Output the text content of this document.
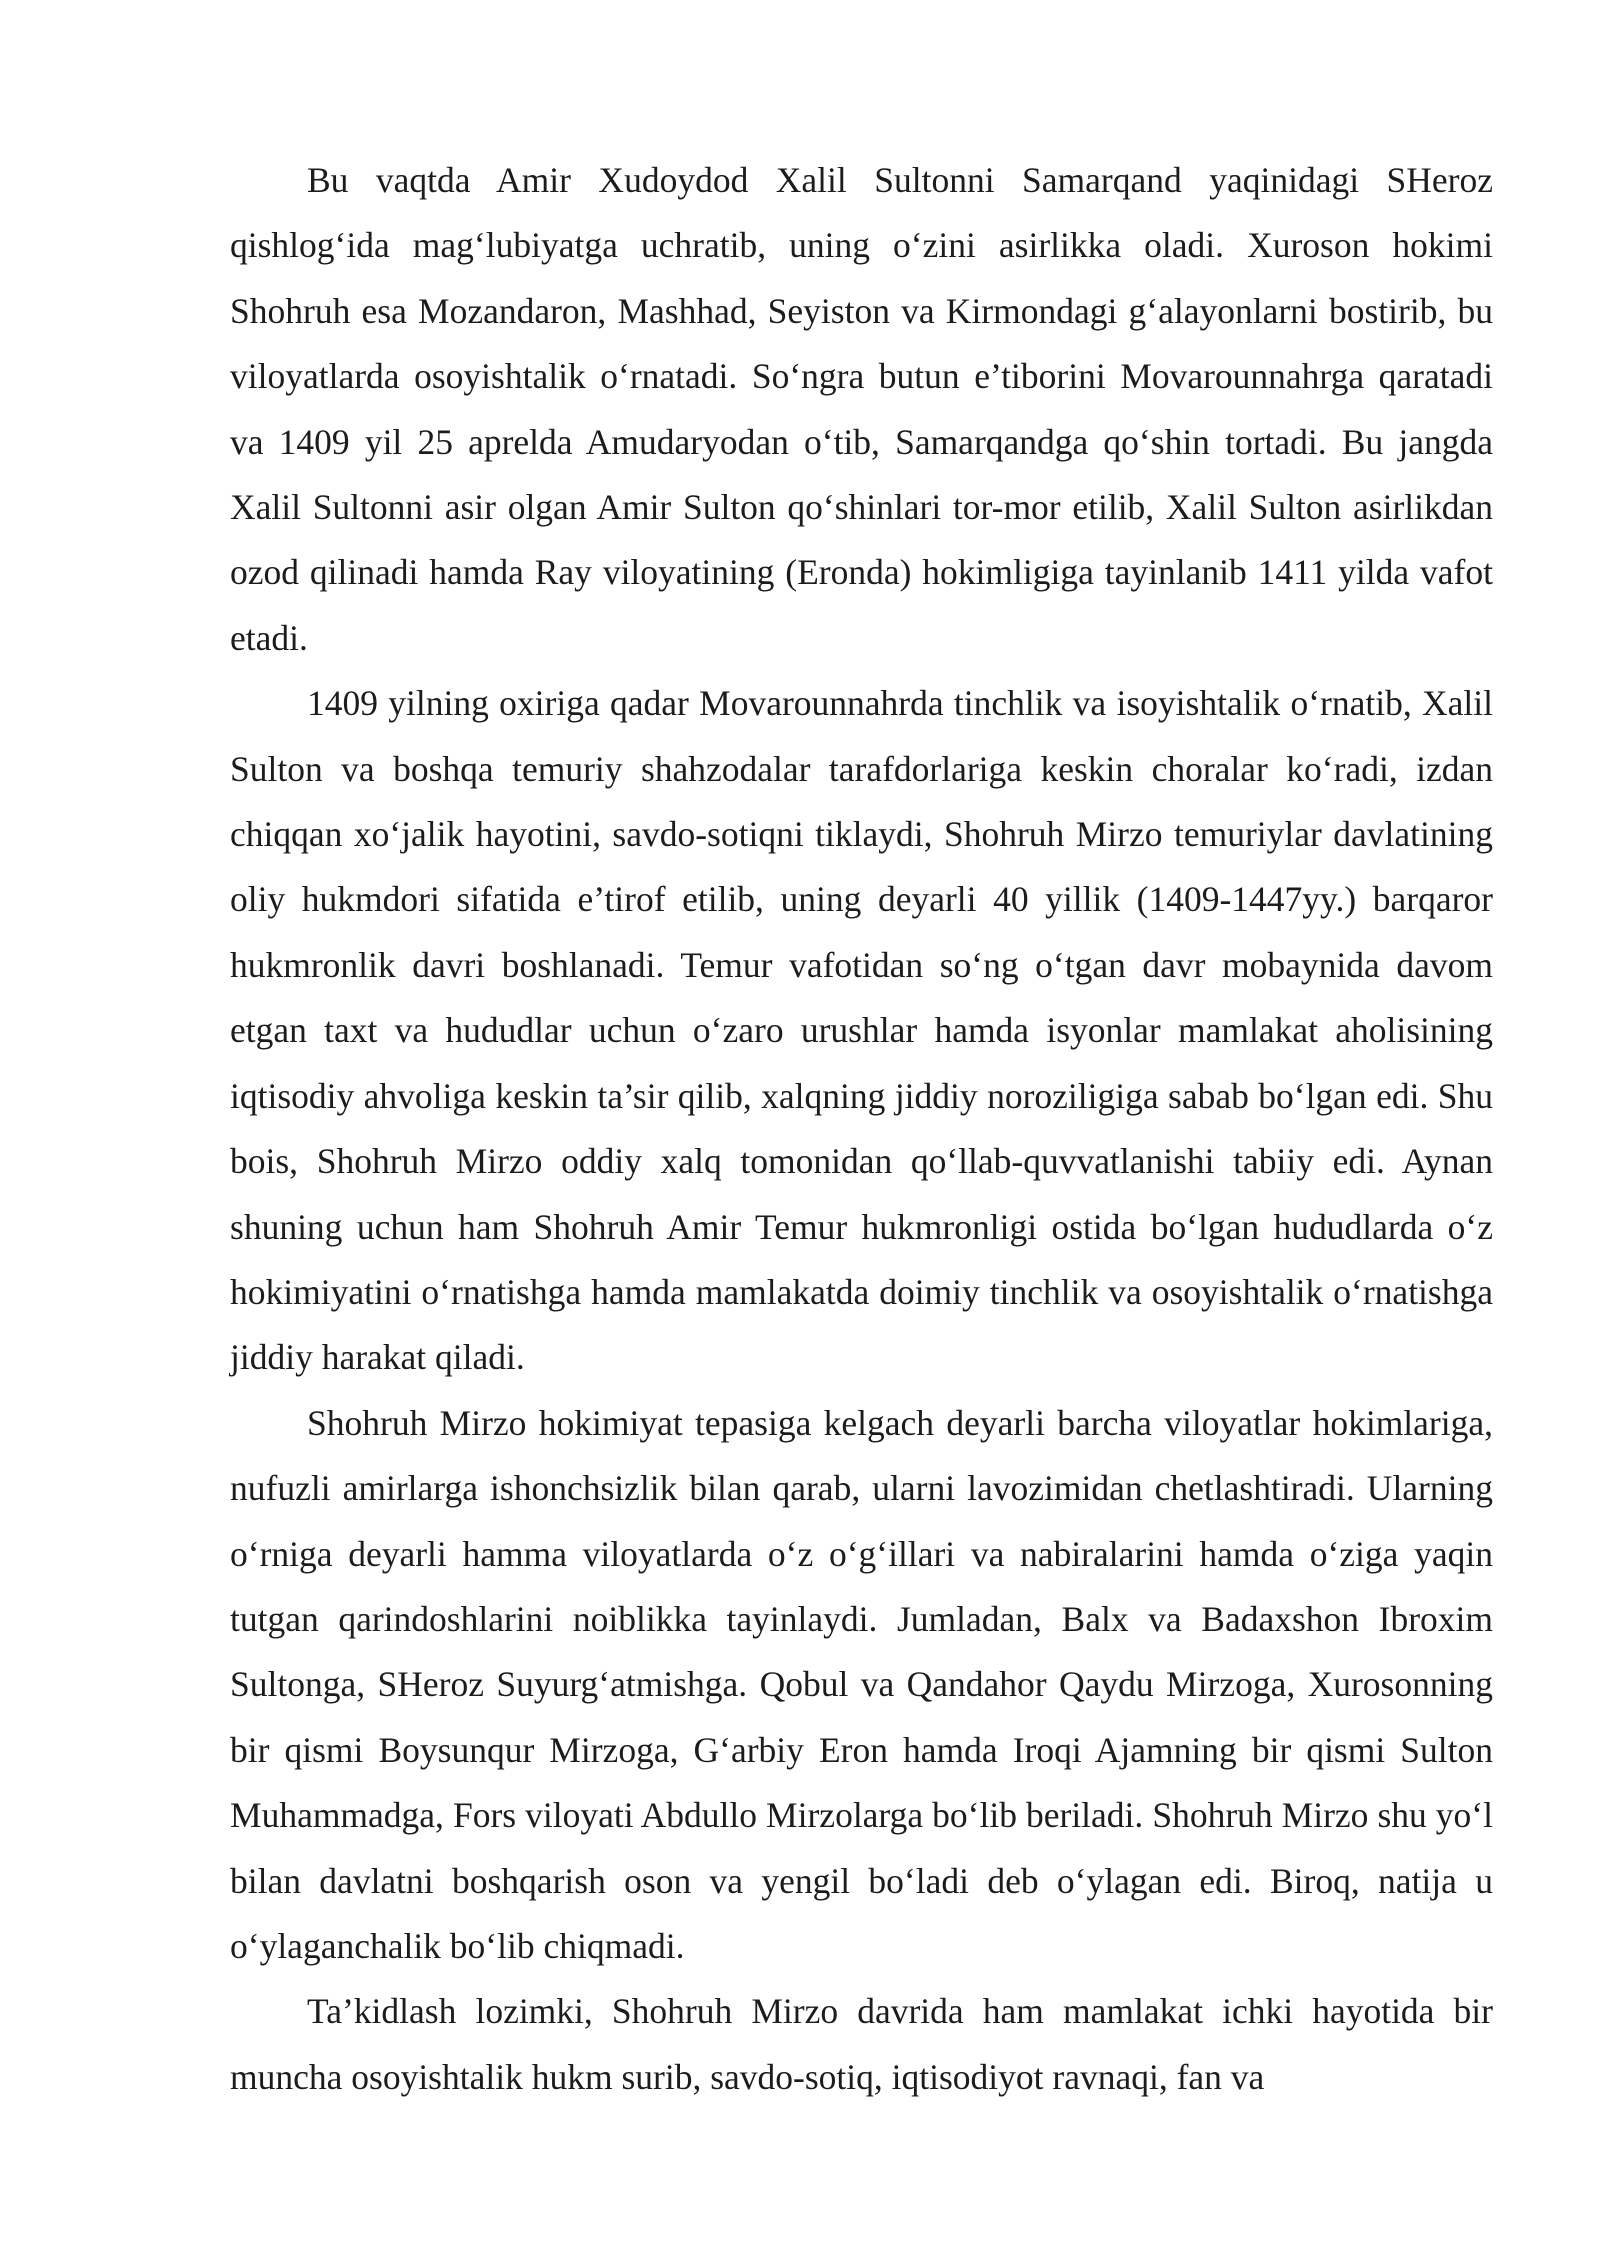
Bu vaqtda Amir Xudoydod Xalil Sultonni Samarqand yaqinidagi SHeroz qishlog‘ida mag‘lubiyatga uchratib, uning o‘zini asirlikka oladi. Xuroson hokimi Shohruh esa Mozandaron, Mashhad, Seyiston va Kirmondagi g‘alayonlarni bostirib, bu viloyatlarda osoyishtalik o‘rnatadi. So‘ngra butun e’tiborini Movarounnahrga qaratadi va 1409 yil 25 aprelda Amudaryodan o‘tib, Samarqandga qo‘shin tortadi. Bu jangda Xalil Sultonni asir olgan Amir Sulton qo‘shinlari tor-mor etilib, Xalil Sulton asirlikdan ozod qilinadi hamda Ray viloyatining (Eronda) hokimligiga tayinlanib 1411 yilda vafot etadi.

1409 yilning oxiriga qadar Movarounnahrda tinchlik va isoyishtalik o‘rnatib, Xalil Sulton va boshqa temuriy shahzodalar tarafdorlariga keskin choralar ko‘radi, izdan chiqqan xo‘jalik hayotini, savdo-sotiqni tiklaydi, Shohruh Mirzo temuriylar davlatining oliy hukmdori sifatida e’tirof etilib, uning deyarli 40 yillik (1409-1447yy.) barqaror hukmronlik davri boshlanadi. Temur vafotidan so‘ng o‘tgan davr mobaynida davom etgan taxt va hududlar uchun o‘zaro urushlar hamda isyonlar mamlakat aholisining iqtisodiy ahvoliga keskin ta’sir qilib, xalqning jiddiy noroziligiga sabab bo‘lgan edi. Shu bois, Shohruh Mirzo oddiy xalq tomonidan qo‘llab-quvvatlanishi tabiiy edi. Aynan shuning uchun ham Shohruh Amir Temur hukmronligi ostida bo‘lgan hududlarda o‘z hokimiyatini o‘rnatishga hamda mamlakatda doimiy tinchlik va osoyishtalik o‘rnatishga jiddiy harakat qiladi.

Shohruh Mirzo hokimiyat tepasiga kelgach deyarli barcha viloyatlar hokimlariga, nufuzli amirlarga ishonchsizlik bilan qarab, ularni lavozimidan chetlashtiradi. Ularning o‘rniga deyarli hamma viloyatlarda o‘z o‘g‘illari va nabiralarini hamda o‘ziga yaqin tutgan qarindoshlarini noiblikka tayinlaydi. Jumladan, Balx va Badaxshon Ibroxim Sultonga, SHeroz Suyurg‘atmishga. Qobul va Qandahor Qaydu Mirzoga, Xurosonning bir qismi Boysunqur Mirzoga, G‘arbiy Eron hamda Iroqi Ajamning bir qismi Sulton Muhammadga, Fors viloyati Abdullo Mirzolarga bo‘lib beriladi. Shohruh Mirzo shu yo‘l bilan davlatni boshqarish oson va yengil bo‘ladi deb o‘ylagan edi. Biroq, natija u o‘ylaganchalik bo‘lib chiqmadi.

Ta’kidlash lozimki, Shohruh Mirzo davrida ham mamlakat ichki hayotida bir muncha osoyishtalik hukm surib, savdo-sotiq, iqtisodiyot ravnaqi, fan va
